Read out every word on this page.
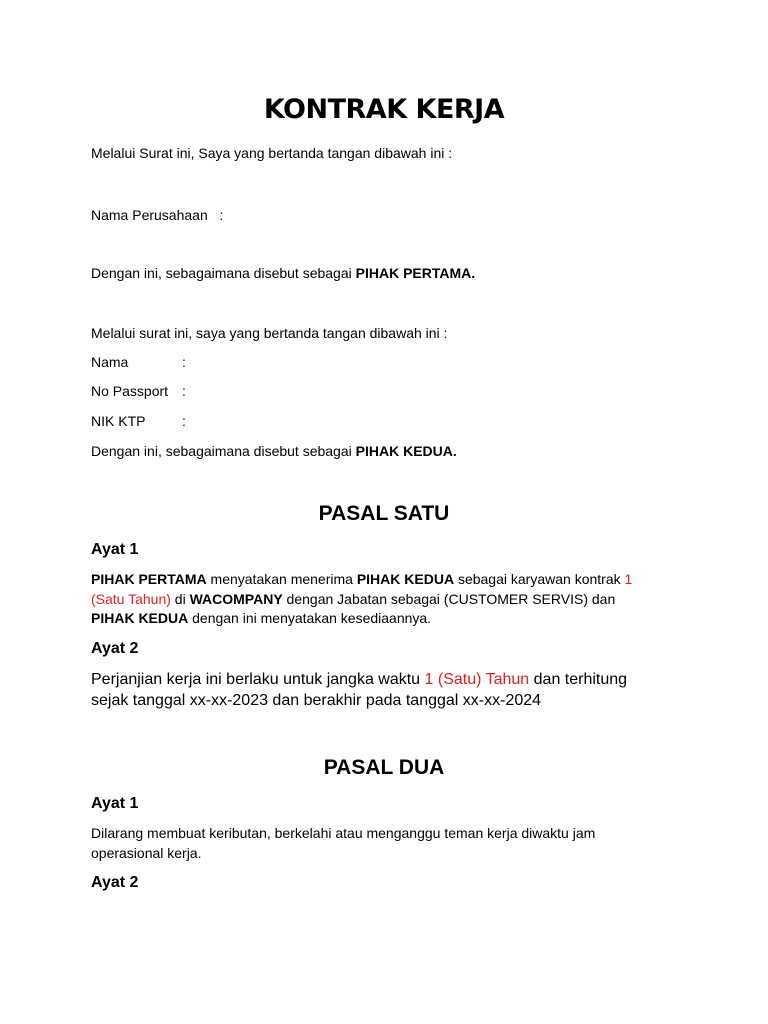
KONTRAK KERJA
Melalui Surat ini, Saya yang bertanda tangan dibawah ini :
Nama Perusahaan :
Dengan ini, sebagaimana disebut sebagai PIHAK PERTAMA.
Melalui surat ini, saya yang bertanda tangan dibawah ini :
Nama	:
No Passport :
NIK KTP	:
Dengan ini, sebagaimana disebut sebagai PIHAK KEDUA.
PASAL SATU
Ayat 1
PIHAK PERTAMA menyatakan menerima PIHAK KEDUA sebagai karyawan kontrak 1
(Satu Tahun) di WACOMPANY dengan Jabatan sebagai (CUSTOMER SERVIS) dan
PIHAK KEDUA dengan ini menyatakan kesediaannya.
Ayat 2
Perjanjian kerja ini berlaku untuk jangka waktu 1 (Satu) Tahun dan terhitung
sejak tanggal xx-xx-2023 dan berakhir pada tanggal xx-xx-2024
PASAL DUA
Ayat 1
Dilarang membuat keributan, berkelahi atau menganggu teman kerja diwaktu jam
operasional kerja.
Ayat 2
